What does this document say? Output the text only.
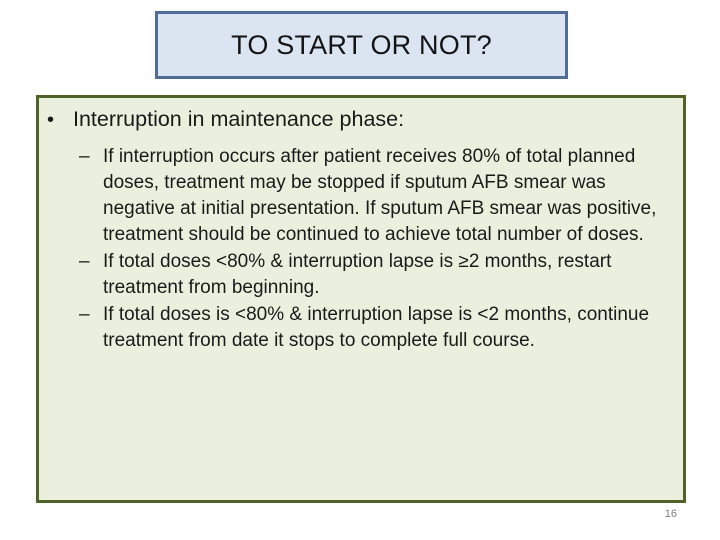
TO START OR NOT?
• Interruption in maintenance phase:
– If interruption occurs after patient receives 80% of total planned doses, treatment may be stopped if sputum AFB smear was negative at initial presentation. If sputum AFB smear was positive, treatment should be continued to achieve total number of doses.
– If total doses <80% & interruption lapse is ≥2 months, restart treatment from beginning.
– If total doses is <80% & interruption lapse is <2 months, continue treatment from date it stops to complete full course.
16
